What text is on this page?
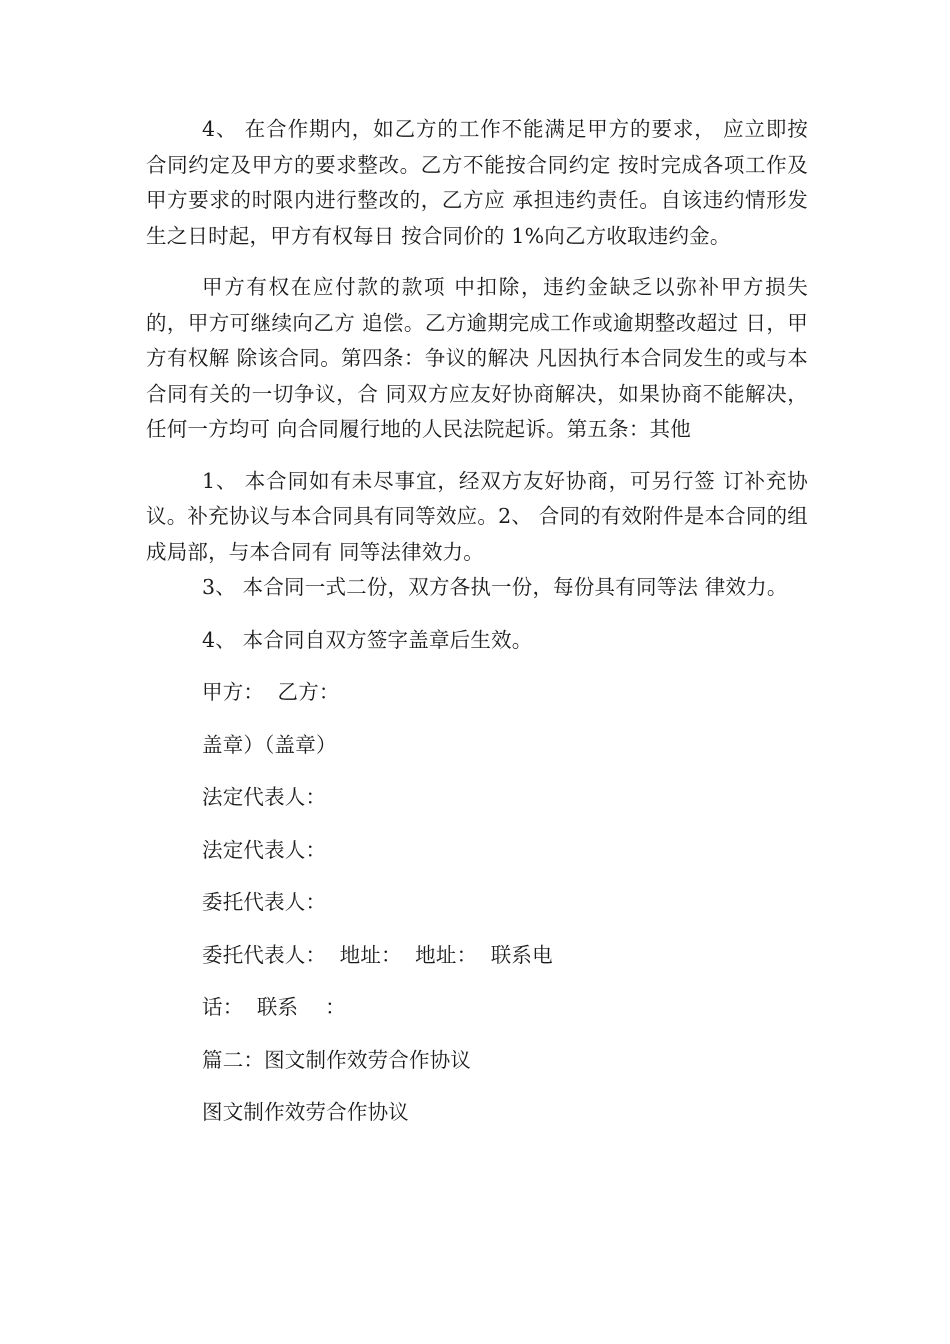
4、 在合作期内，如乙方的工作不能满足甲方的要求， 应立即按合同约定及甲方的要求整改。乙方不能按合同约定 按时完成各项工作及甲方要求的时限内进行整改的，乙方应 承担违约责任。自该违约情形发生之日时起，甲方有权每日 按合同价的 1%向乙方收取违约金。

甲方有权在应付款的款项 中扣除，违约金缺乏以弥补甲方损失的，甲方可继续向乙方 追偿。乙方逾期完成工作或逾期整改超过 日，甲方有权解 除该合同。第四条：争议的解决 凡因执行本合同发生的或与本合同有关的一切争议，合 同双方应友好协商解决，如果协商不能解决，任何一方均可 向合同履行地的人民法院起诉。第五条：其他

1、 本合同如有未尽事宜，经双方友好协商，可另行签 订补充协议。补充协议与本合同具有同等效应。2、 合同的有效附件是本合同的组成局部，与本合同有 同等法律效力。

3、 本合同一式二份，双方各执一份，每份具有同等法 律效力。

4、 本合同自双方签字盖章后生效。

甲方：  乙方：

盖章）（盖章）

法定代表人：

法定代表人：

委托代表人：

委托代表人：  地址：  地址：  联系电

话：  联系    ：

篇二：图文制作效劳合作协议

图文制作效劳合作协议
